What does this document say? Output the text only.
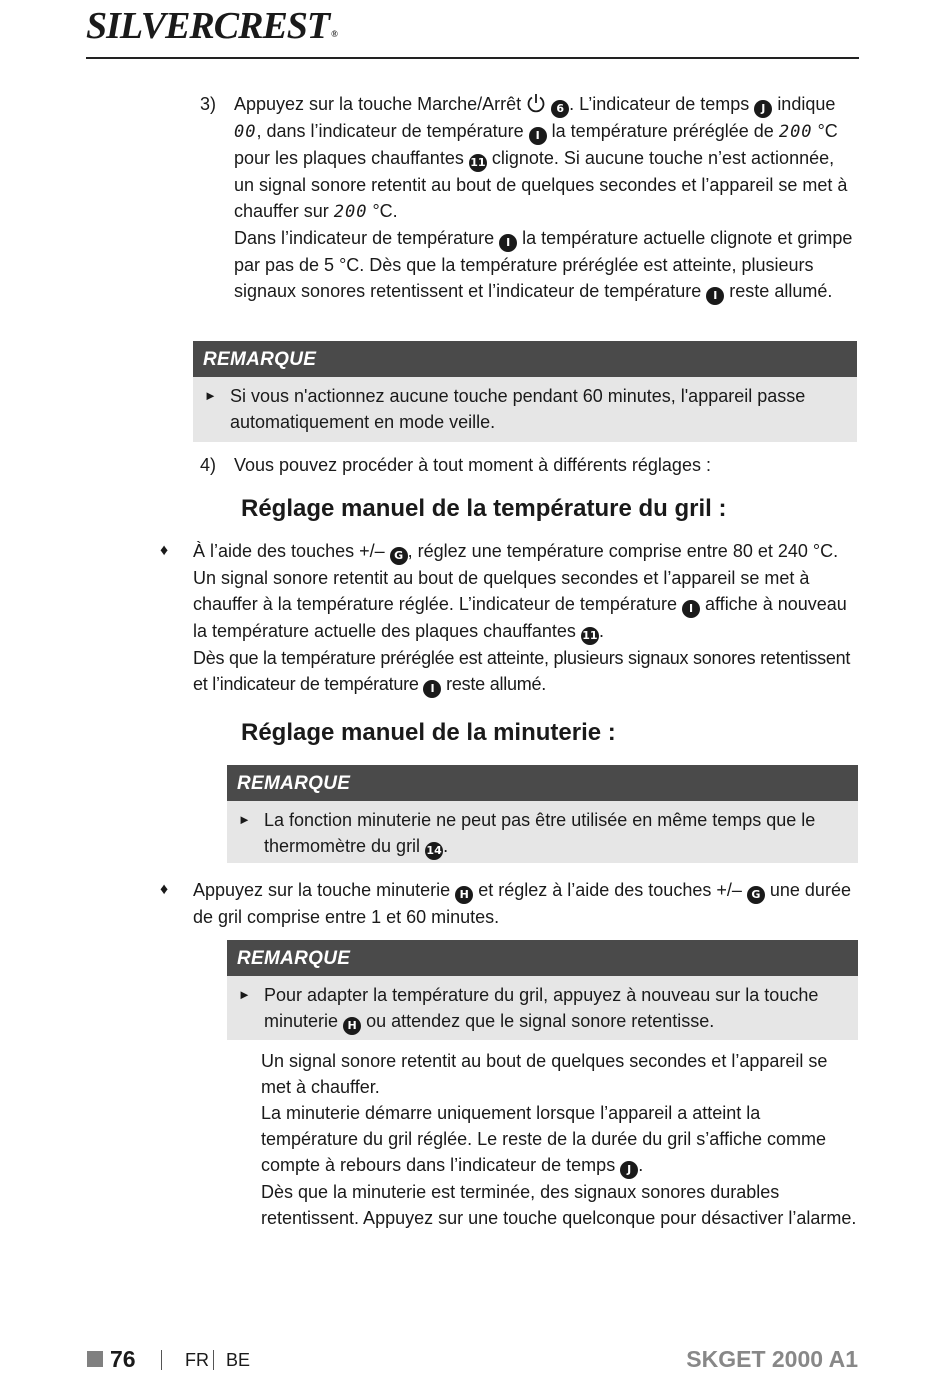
SILVERCREST ®
3) Appuyez sur la touche Marche/Arrêt	6 . L’indicateur de temps J indique 00, dans l’indicateur de température I la température préréglée de 200 °C pour les plaques chauffantes 11 clignote. Si aucune touche n’est actionnée, un signal sonore retentit au bout de quelques secondes et l’appareil se met à chauffer sur 200 °C.

Dans l’indicateur de température I la température actuelle clignote et grimpe par pas de 5 °C. Dès que la température préréglée est atteinte, plusieurs signaux sonores retentissent et l’indicateur de température I reste allumé.

REMARQUE
► Si vous n'actionnez aucune touche pendant 60 minutes, l'appareil passe automatiquement en mode veille.
4) Vous pouvez procéder à tout moment à différents réglages :
Réglage manuel de la température du gril :
♦ À l’aide des touches +/– G , réglez une température comprise entre 80 et 240 °C. Un signal sonore retentit au bout de quelques secondes et l’appareil se met à chauffer à la température réglée. L’indicateur de température I affiche à nouveau la température actuelle des plaques chauffantes 11.

Dès que la température préréglée est atteinte, plusieurs signaux sonores retentissent et l’indicateur de température I reste allumé.

Réglage manuel de la minuterie :
REMARQUE
► La fonction minuterie ne peut pas être utilisée en même temps que le thermomètre du gril 14.
♦ Appuyez sur la touche minuterie H et réglez à l’aide des touches +/– G une durée de gril comprise entre 1 et 60 minutes.

REMARQUE
► Pour adapter la température du gril, appuyez à nouveau sur la touche minuterie H ou attendez que le signal sonore retentisse.

Un signal sonore retentit au bout de quelques secondes et l’appareil se met à chauffer.

La minuterie démarre uniquement lorsque l’appareil a atteint la température du gril réglée. Le reste de la durée du gril s’affiche comme compte à rebours dans l’indicateur de temps J .

Dès que la minuterie est terminée, des signaux sonores durables retentissent. Appuyez sur une touche quelconque pour désactiver l’alarme.

76	FR BE	SKGET 2000 A1
